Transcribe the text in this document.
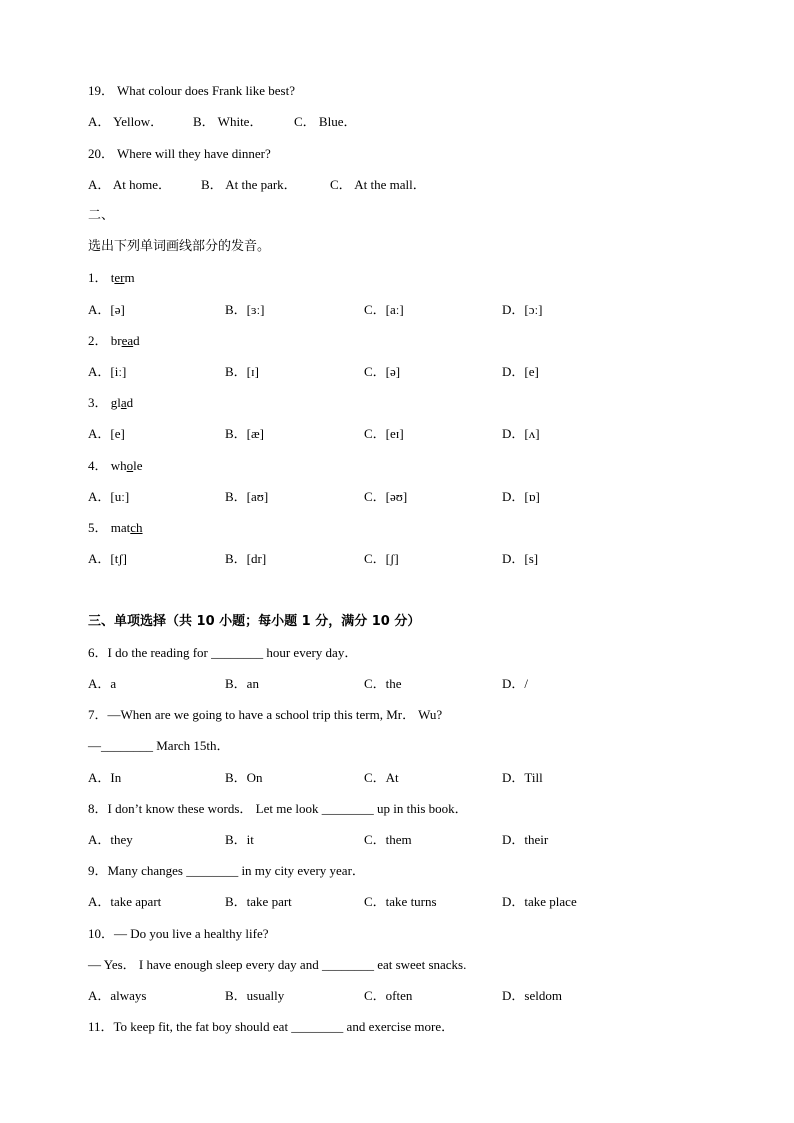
19． What colour does Frank like best?
A． Yellow． B． White． C． Blue．
20． Where will they have dinner?
A． At home． B． At the park．	C． At the mall．
二、
选出下列单词画线部分的发音。
1． term
A．[ə]	B．[ɜː]	C．[aː]	D．[ɔː]
2． bread
A．[iː]	B．[ɪ]	C．[ə]	D．[e]
3． glad
A．[e]	B．[æ]	C．[eɪ]	D．[ʌ]
4． whole
A．[uː]	B．[aʊ]	C．[əʊ]	D．[ɒ]
5． match
A．[tʃ]	B．[dr]	C．[ʃ]	D．[s]
三、单项选择（共 10 小题；每小题 1 分，满分 10 分）
6．I do the reading for ________ hour every day．
A．a	B．an	C．the	D．/
7．—When are we going to have a school trip this term, Mr． Wu?
—________ March 15th．
A．In	B．On	C．At	D．Till
8．I don’t know these words． Let me look ________ up in this book．
A．they	B．it	C．them	D．their
9．Many changes ________ in my city every year．
A．take apart	B．take part	C．take turns	D．take place
10．— Do you live a healthy life?
— Yes． I have enough sleep every day and ________ eat sweet snacks.
A．always	B．usually	C．often	D．seldom
11．To keep fit, the fat boy should eat ________ and exercise more．
